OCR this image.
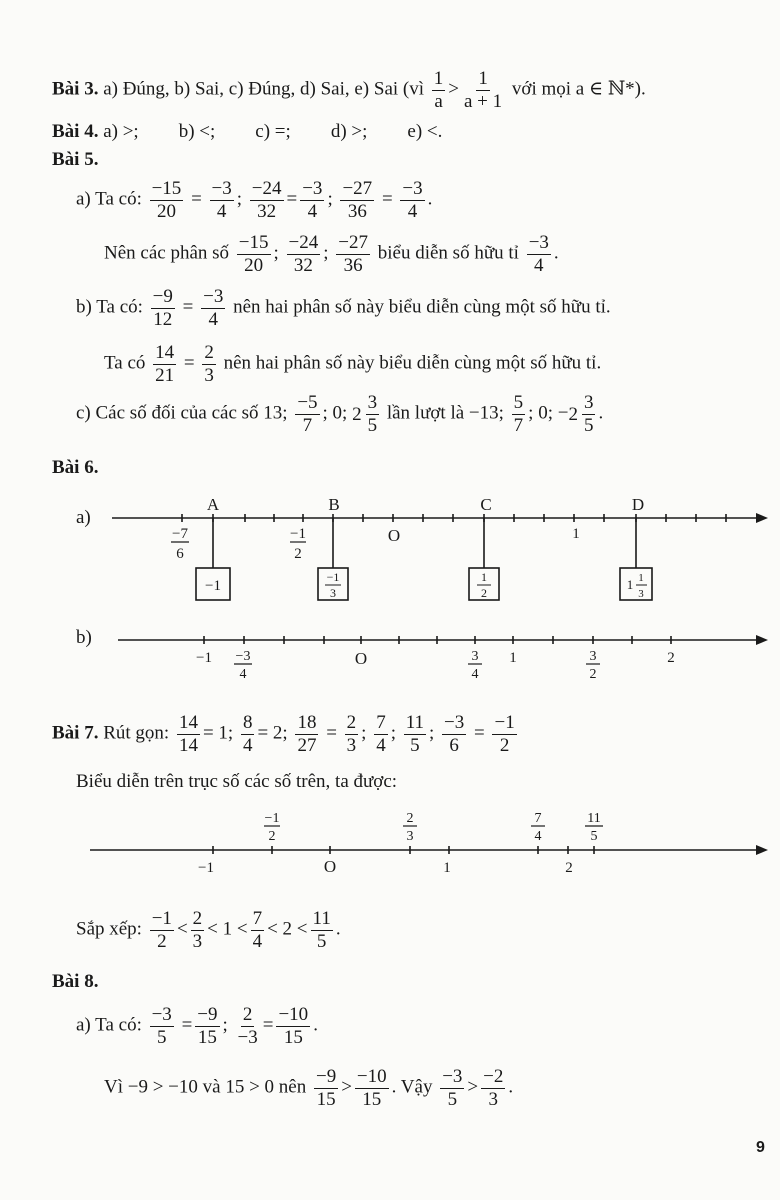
Bài 3. a) Đúng, b) Sai, c) Đúng, d) Sai, e) Sai (vì $\frac{1}{a} > \frac{1}{a + 1}$ với mọi a ∈ ℕ*).
Bài 4. a) >; b) <; c) =; d) >; e) <.
Bài 5.
a) Ta có: $\frac{-15}{20} = \frac{-3}{4}$ ; $\frac{-24}{32} = \frac{-3}{4}$ ; $\frac{-27}{36} = \frac{-3}{4}$ .
Nên các phân số $\frac{-15}{20}$ ; $\frac{-24}{32}$ ; $\frac{-27}{36}$ biểu diễn số hữu tỉ $\frac{-3}{4}$ .
b) Ta có: $\frac{-9}{12} = \frac{-3}{4}$ nên hai phân số này biểu diễn cùng một số hữu tỉ.
Ta có $\frac{14}{21} = \frac{2}{3}$ nên hai phân số này biểu diễn cùng một số hữu tỉ.
c) Các số đối của các số 13; $\frac{-5}{7}$ ; 0; 2
3
5
lần lượt là −13; $\frac{5}{7}$ ; 0; − 2
3
5
.
Bài 6.
a)
A	B	C	D
−7
6
−1
2
O	1
−1
−1
3
1
2
1 1
3
b)
−1 −3
4
O	3
4
1	3
2
2
Bài 7. Rút gọn: $\frac{14}{14} = 1$; $\frac{8}{4} = 2$; $\frac{18}{27} = \frac{2}{3}$ ; $\frac{7}{4}$ ; $\frac{11}{5}$ ; $\frac{-3}{6} = \frac{-1}{2}$
Biểu diễn trên trục số các số trên, ta được:
−1
2
2
3
7
4
11
5
−1	O	1	2
Sắp xếp: $\frac{-1}{2} < \frac{2}{3} < 1 < \frac{7}{4} < 2 < \frac{11}{5}$ .
Bài 8.
a) Ta có: $\frac{-3}{5} = \frac{-9}{15}$ ; $\frac{2}{-3} = \frac{-10}{15}$ .
Vì −9 > −10 và 15 > 0 nên $\frac{-9}{15} > \frac{-10}{15}$ . Vậy $\frac{-3}{5} > \frac{-2}{3}$ .
9
